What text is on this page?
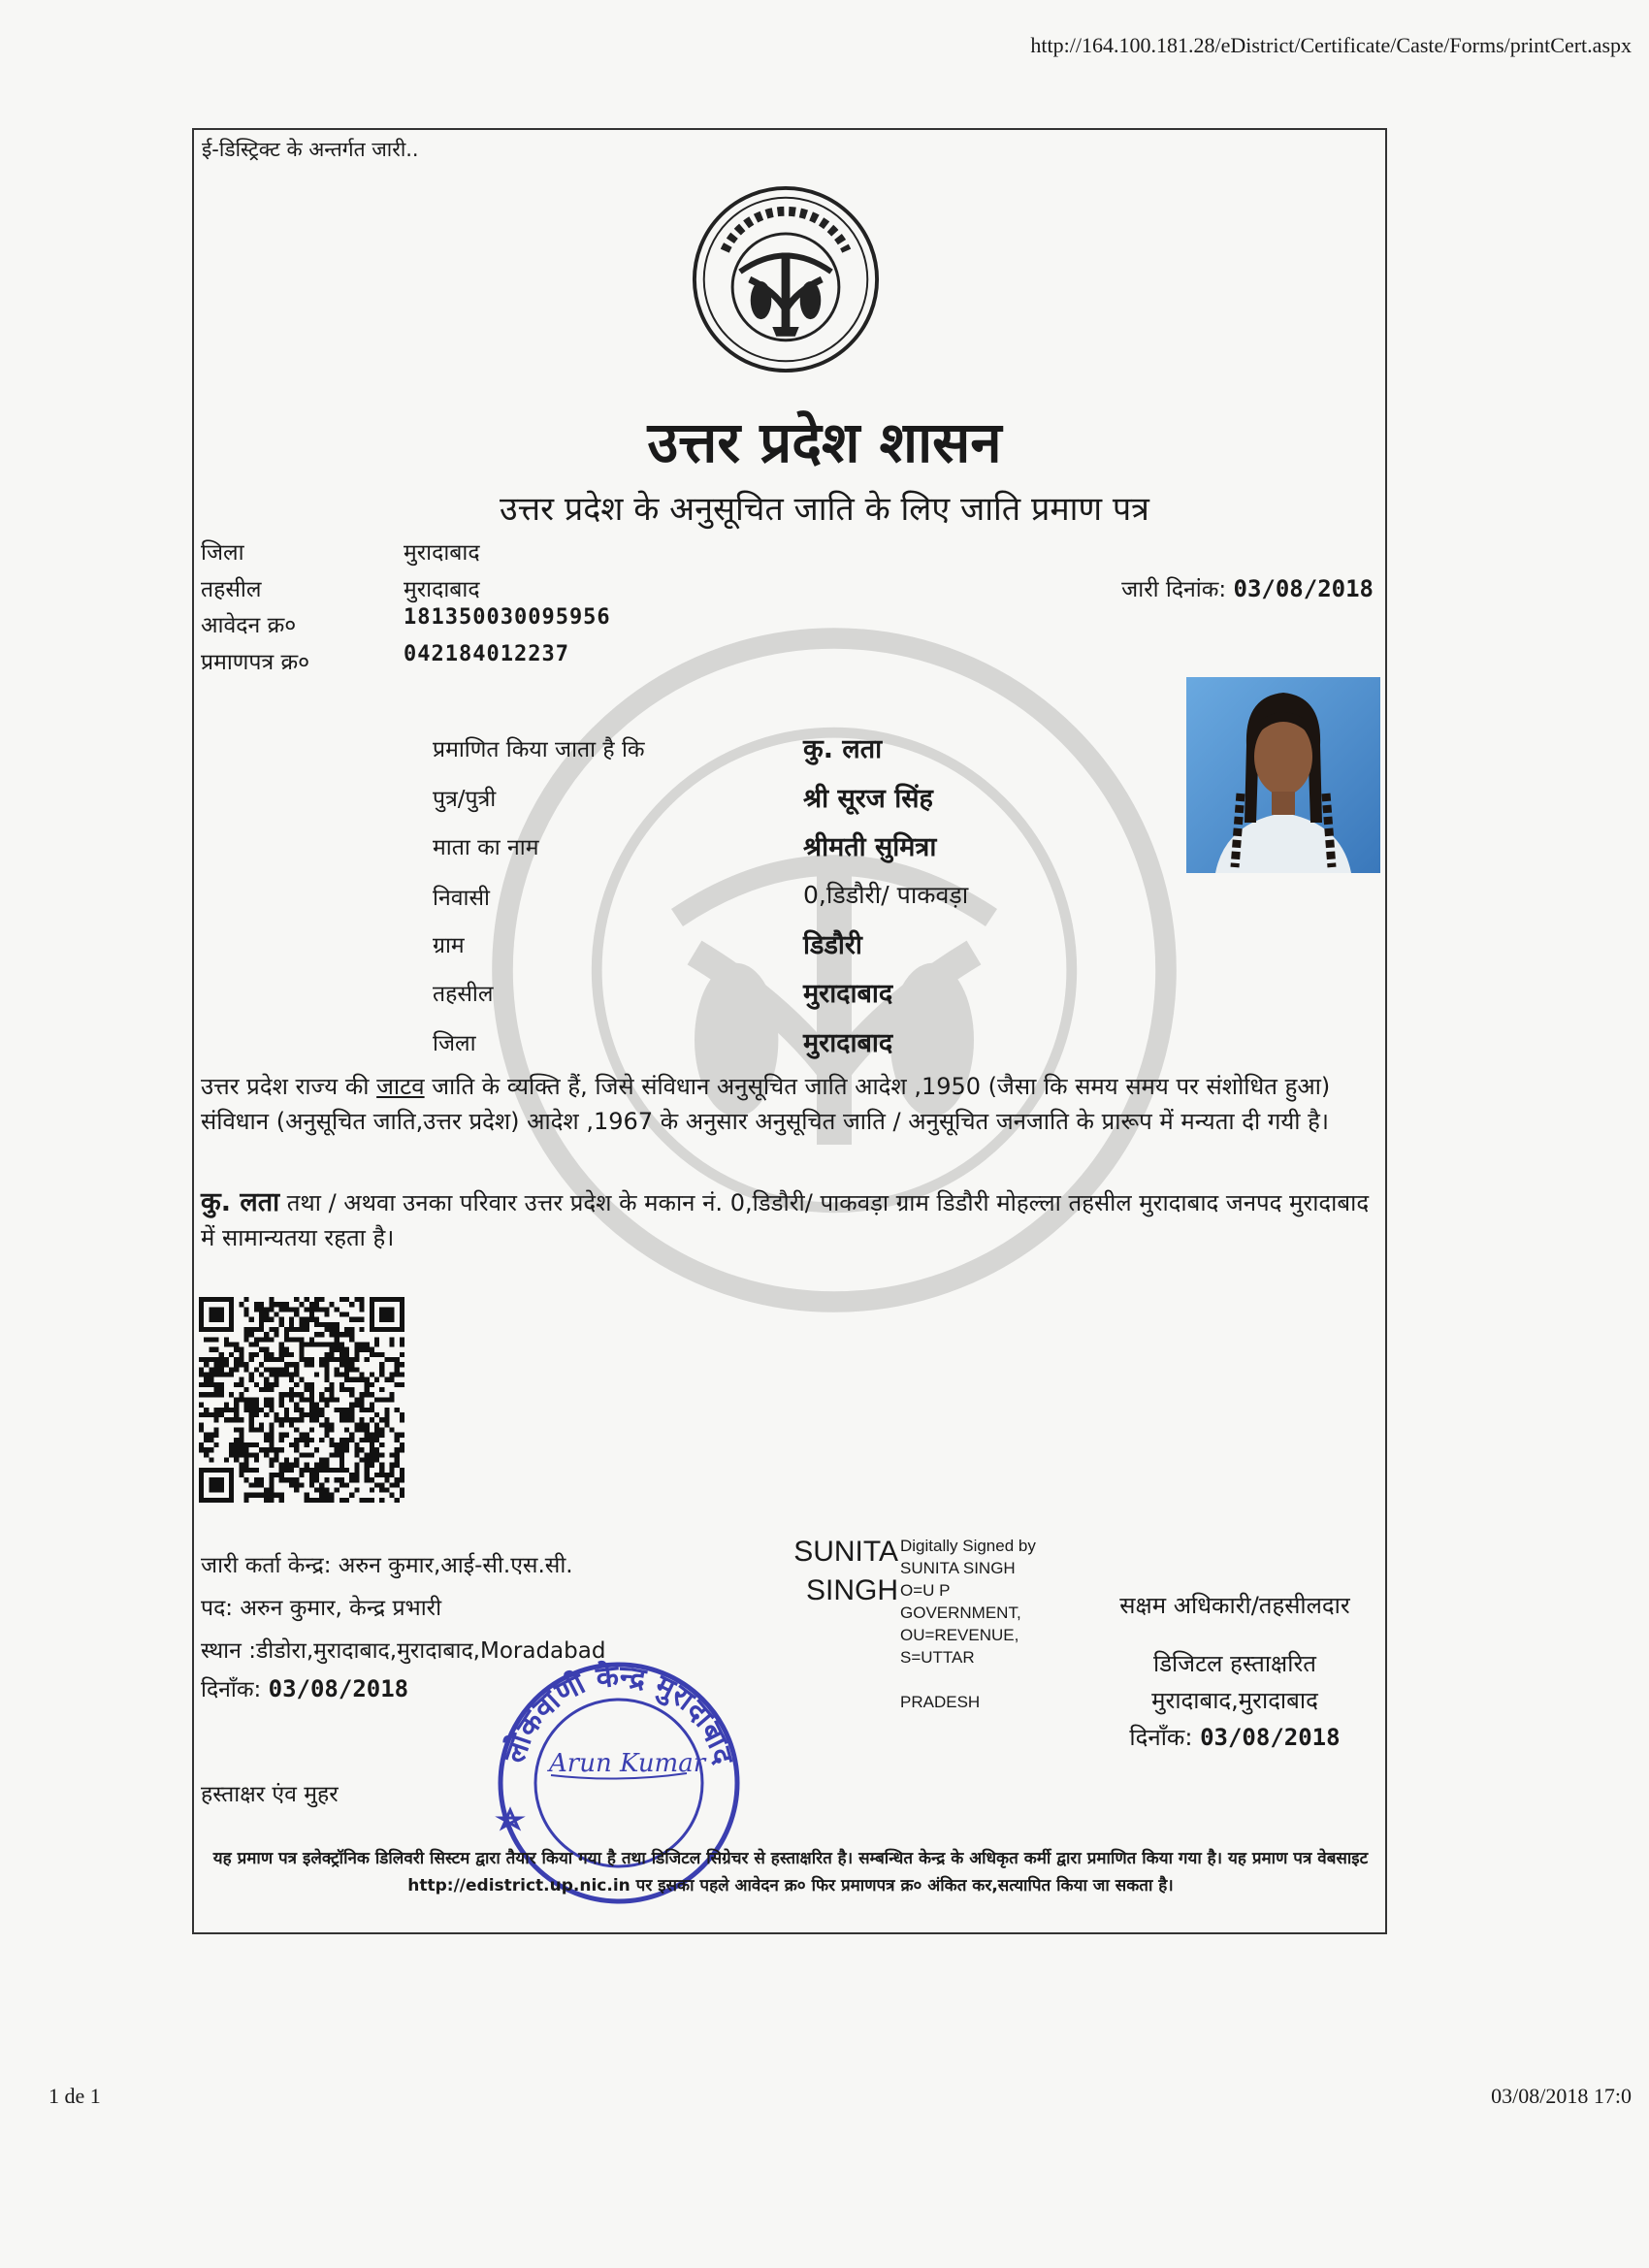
http://164.100.181.28/eDistrict/Certificate/Caste/Forms/printCert.aspx
ई-डिस्ट्रिक्ट के अन्तर्गत जारी..
उत्तर प्रदेश शासन
उत्तर प्रदेश के अनुसूचित जाति के लिए जाति प्रमाण पत्र
जिला	मुरादाबाद
तहसील	मुरादाबाद
आवेदन क्र०	181350030095956
प्रमाणपत्र क्र०	042184012237
जारी दिनांक: 03/08/2018
प्रमाणित किया जाता है कि	कु. लता
पुत्र/पुत्री	श्री सूरज सिंह
माता का नाम	श्रीमती सुमित्रा
निवासी	0,डिडौरी/ पाकवड़ा
ग्राम	डिडौरी
तहसील	मुरादाबाद
जिला	मुरादाबाद
उत्तर प्रदेश राज्य की जाटव जाति के व्यक्ति हैं, जिसे संविधान अनुसूचित जाति आदेश ,1950 (जैसा कि समय समय पर संशोधित हुआ) संविधान (अनुसूचित जाति,उत्तर प्रदेश) आदेश ,1967 के अनुसार अनुसूचित जाति / अनुसूचित जनजाति के प्रारूप में मन्यता दी गयी है।
कु. लता तथा / अथवा उनका परिवार उत्तर प्रदेश के मकान नं. 0,डिडौरी/ पाकवड़ा ग्राम डिडौरी मोहल्ला तहसील मुरादाबाद जनपद मुरादाबाद में सामान्यतया रहता है।
जारी कर्ता केन्द्र: अरुन कुमार,आई-सी.एस.सी.
पद: अरुन कुमार, केन्द्र प्रभारी
स्थान :डीडोरा,मुरादाबाद,मुरादाबाद,Moradabad
दिनाँक: 03/08/2018
हस्ताक्षर एंव मुहर
SUNITA
SINGH
Digitally Signed by
SUNITA SINGH
O=U P
GOVERNMENT,
OU=REVENUE,
S=UTTAR

PRADESH
सक्षम अधिकारी/तहसीलदार
डिजिटल हस्ताक्षरित
मुरादाबाद,मुरादाबाद
दिनाँक: 03/08/2018
लोकवाणी केन्द्र मुरादाबाद
Arun Kumar
यह प्रमाण पत्र इलेक्ट्रॉनिक डिलिवरी सिस्टम द्वारा तैयार किया गया है तथा डिजिटल सिग्रेचर से हस्ताक्षरित है। सम्बन्धित केन्द्र के अधिकृत कर्मी द्वारा प्रमाणित किया गया है। यह प्रमाण पत्र वेबसाइट http://edistrict.up.nic.in पर इसका पहले आवेदन क्र० फिर प्रमाणपत्र क्र० अंकित कर,सत्यापित किया जा सकता है।
1 de 1	03/08/2018 17:0
